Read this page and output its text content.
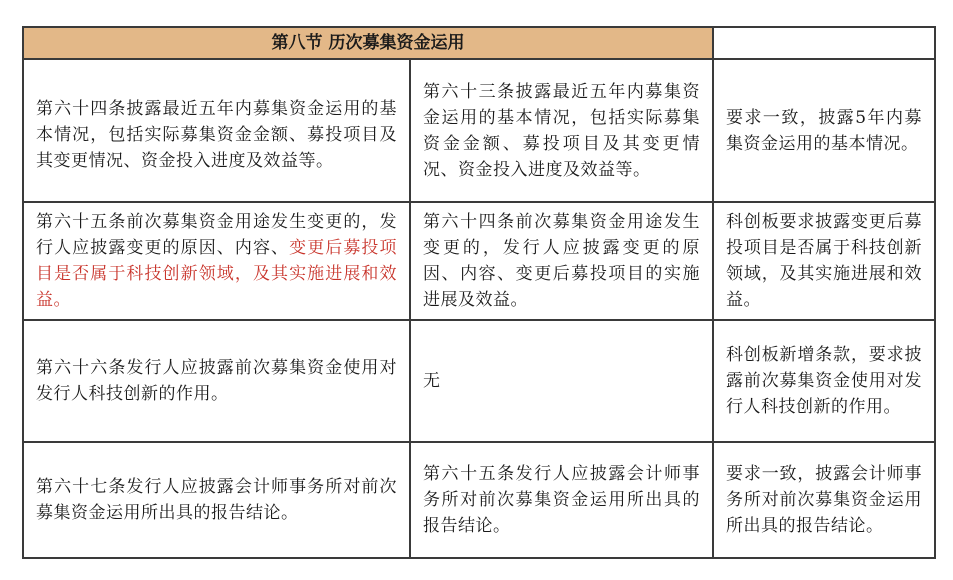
第八节 历次募集资金运用		
第六十四条披露最近五年内募集资金运用的基本情况，包括实际募集资金金额、募投项目及其变更情况、资金投入进度及效益等。	第六十三条披露最近五年内募集资金运用的基本情况，包括实际募集资金金额、募投项目及其变更情况、资金投入进度及效益等。	要求一致，披露5年内募集资金运用的基本情况。
第六十五条前次募集资金用途发生变更的，发行人应披露变更的原因、内容、变更后募投项目是否属于科技创新领域，及其实施进展和效益。	第六十四条前次募集资金用途发生变更的，发行人应披露变更的原因、内容、变更后募投项目的实施进展及效益。	科创板要求披露变更后募投项目是否属于科技创新领域，及其实施进展和效益。
第六十六条发行人应披露前次募集资金使用对发行人科技创新的作用。	无	科创板新增条款，要求披露前次募集资金使用对发行人科技创新的作用。
第六十七条发行人应披露会计师事务所对前次募集资金运用所出具的报告结论。	第六十五条发行人应披露会计师事务所对前次募集资金运用所出具的报告结论。	要求一致，披露会计师事务所对前次募集资金运用所出具的报告结论。
